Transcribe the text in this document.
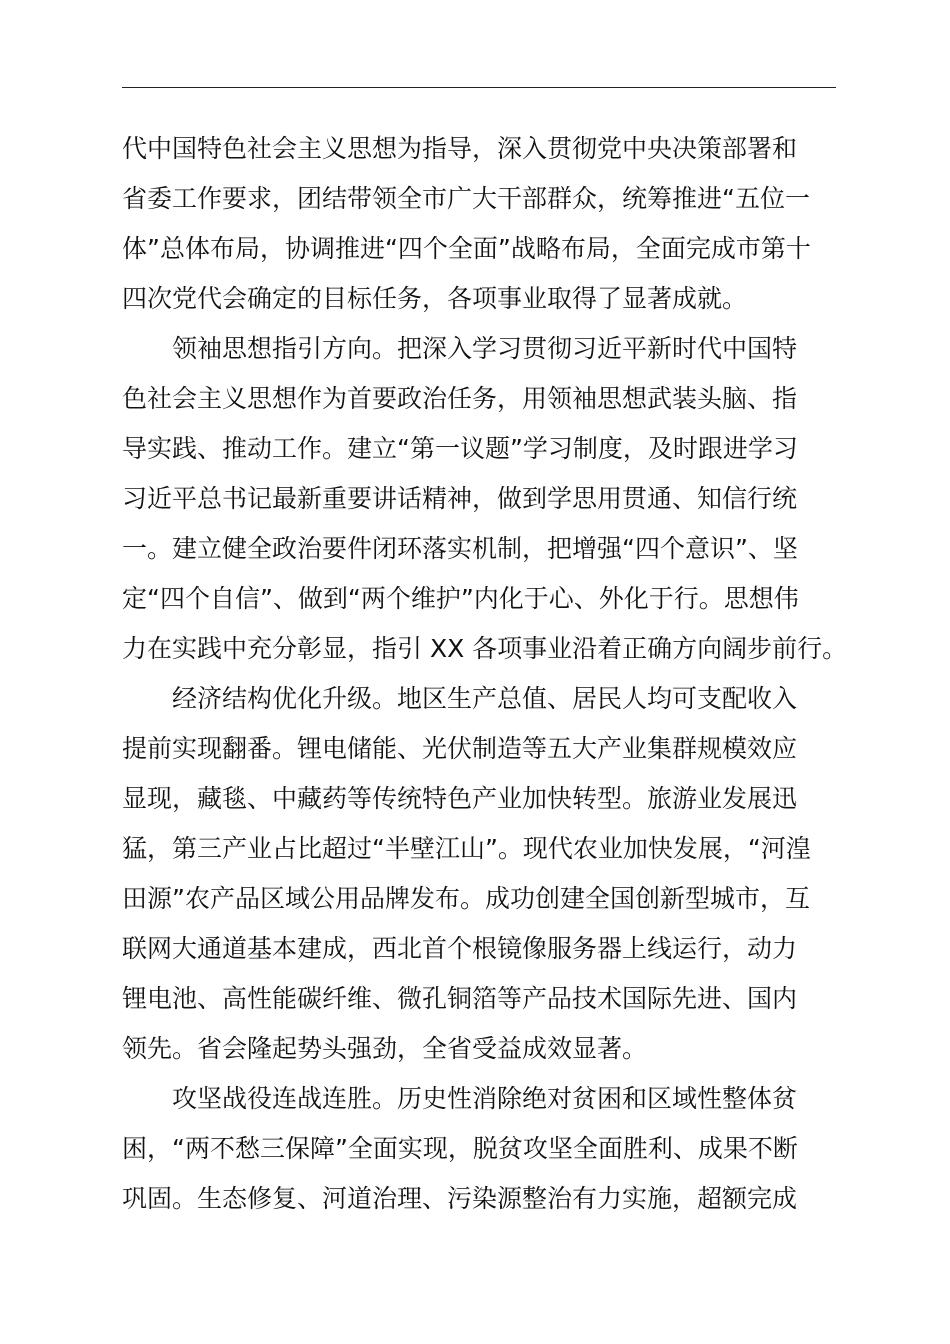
代中国特色社会主义思想为指导，深入贯彻党中央决策部署和
省委工作要求，团结带领全市广大干部群众，统筹推进“五位一
体”总体布局，协调推进“四个全面”战略布局，全面完成市第十
四次党代会确定的目标任务，各项事业取得了显著成就。
领袖思想指引方向。把深入学习贯彻习近平新时代中国特
色社会主义思想作为首要政治任务，用领袖思想武装头脑、指
导实践、推动工作。建立“第一议题”学习制度，及时跟进学习
习近平总书记最新重要讲话精神，做到学思用贯通、知信行统
一。建立健全政治要件闭环落实机制，把增强“四个意识”、坚
定“四个自信”、做到“两个维护”内化于心、外化于行。思想伟
力在实践中充分彰显，指引 XX 各项事业沿着正确方向阔步前行。
经济结构优化升级。地区生产总值、居民人均可支配收入
提前实现翻番。锂电储能、光伏制造等五大产业集群规模效应
显现，藏毯、中藏药等传统特色产业加快转型。旅游业发展迅
猛，第三产业占比超过“半壁江山”。现代农业加快发展，“河湟
田源”农产品区域公用品牌发布。成功创建全国创新型城市，互
联网大通道基本建成，西北首个根镜像服务器上线运行，动力
锂电池、高性能碳纤维、微孔铜箔等产品技术国际先进、国内
领先。省会隆起势头强劲，全省受益成效显著。
攻坚战役连战连胜。历史性消除绝对贫困和区域性整体贫
困，“两不愁三保障”全面实现，脱贫攻坚全面胜利、成果不断
巩固。生态修复、河道治理、污染源整治有力实施，超额完成
